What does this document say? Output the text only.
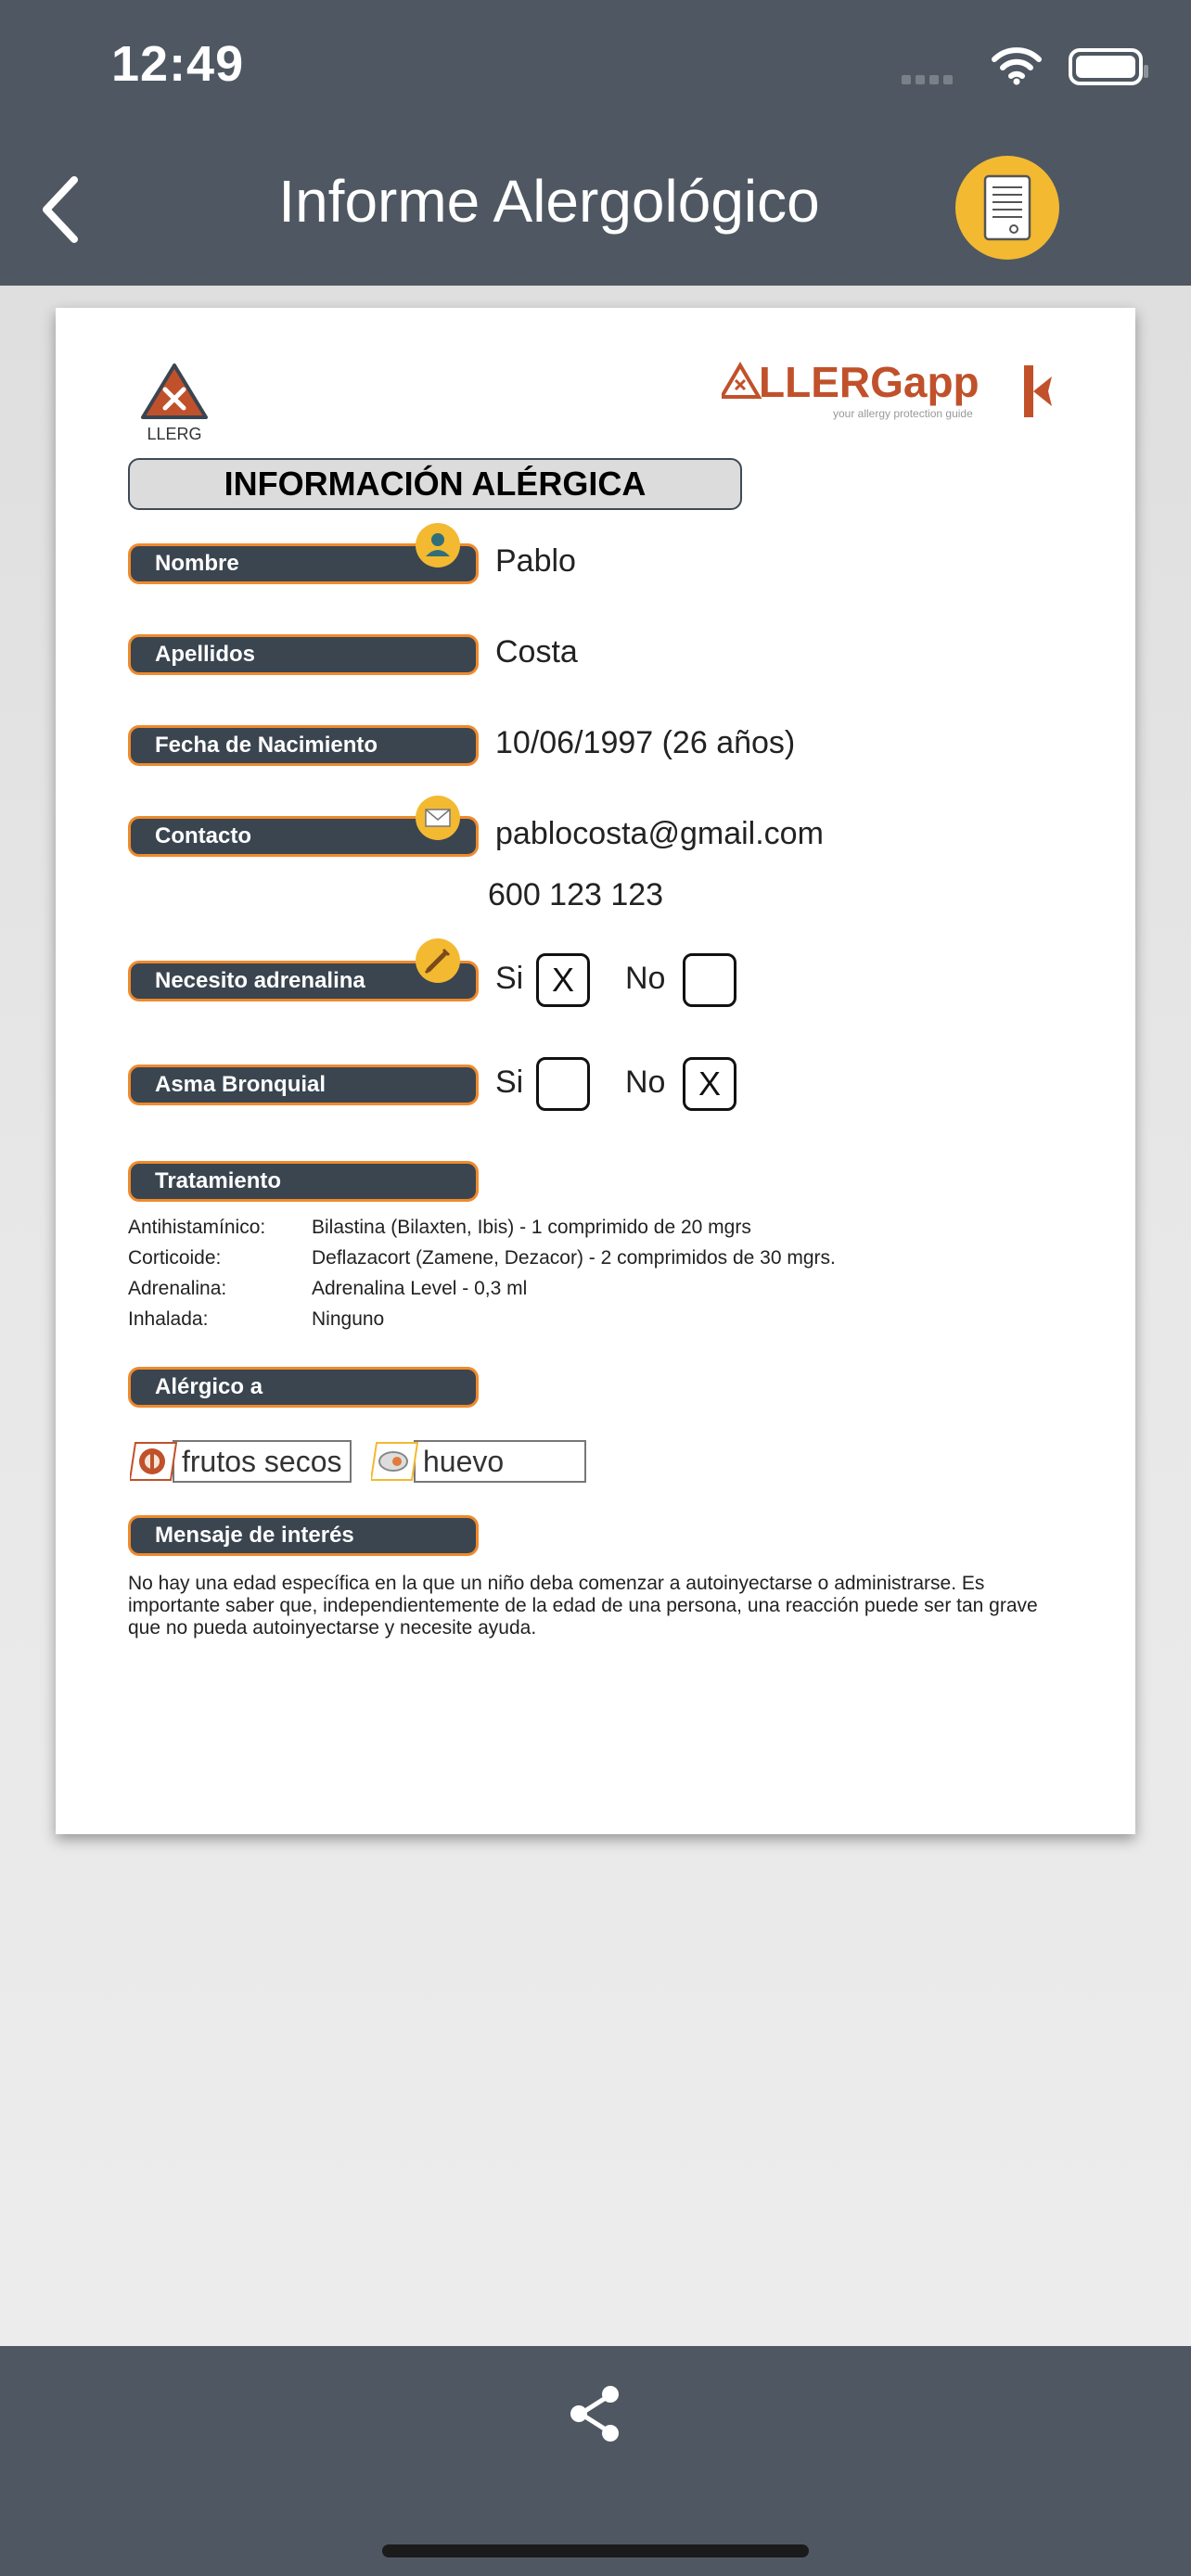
12:49
Informe Alergológico
LLERG
LLERGapp
your allergy protection guide
INFORMACIÓN ALÉRGICA
Nombre	Pablo
Apellidos	Costa
Fecha de Nacimiento	10/06/1997 (26 años)
Contacto	pablocosta@gmail.com
600 123 123
Necesito adrenalina	Si X	No
Asma Bronquial	Si	No X
Tratamiento
Antihistamínico:	Bilastina (Bilaxten, Ibis) - 1 comprimido de 20 mgrs
Corticoide:	Deflazacort (Zamene, Dezacor) - 2 comprimidos de 30 mgrs.
Adrenalina:	Adrenalina Level - 0,3 ml
Inhalada:	Ninguno
Alérgico a
frutos secos	huevo
Mensaje de interés
No hay una edad específica en la que un niño deba comenzar a autoinyectarse o administrarse. Es importante saber que, independientemente de la edad de una persona, una reacción puede ser tan grave que no pueda autoinyectarse y necesite ayuda.
